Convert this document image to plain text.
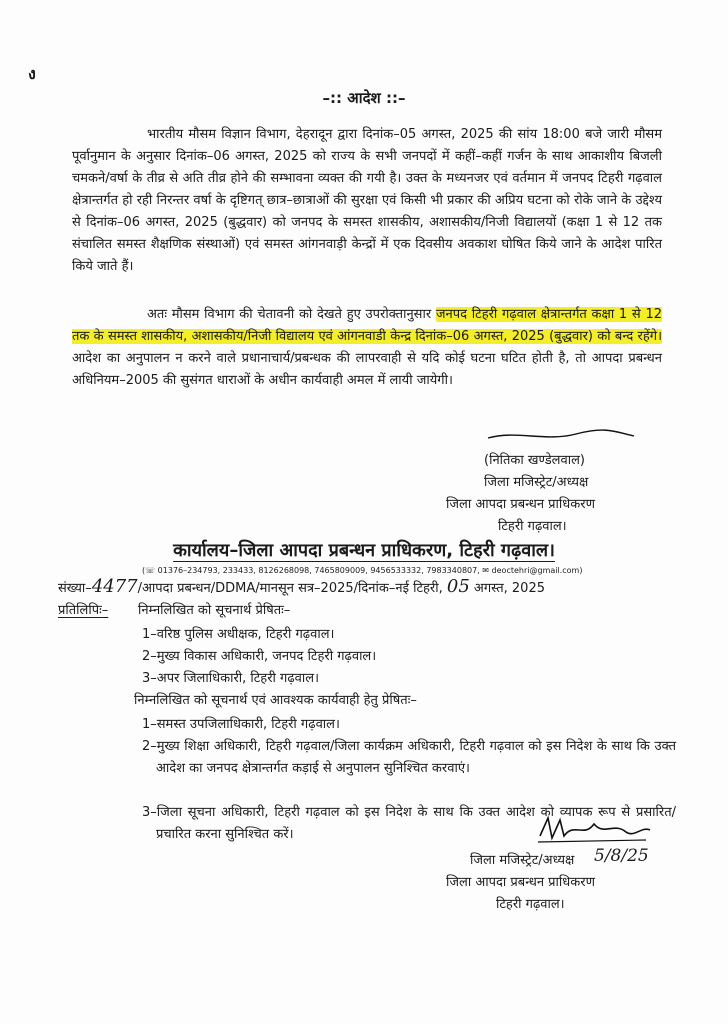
ง
–:: आदेश ::–
भारतीय मौसम विज्ञान विभाग, देहरादून द्वारा दिनांक–05 अगस्त, 2025 की सांय 18:00 बजे जारी मौसम पूर्वानुमान के अनुसार दिनांक–06 अगस्त, 2025 को राज्य के सभी जनपदों में कहीं–कहीं गर्जन के साथ आकाशीय बिजली चमकने/वर्षा के तीव्र से अति तीव्र होने की सम्भावना व्यक्त की गयी है। उक्त के मध्यनजर एवं वर्तमान में जनपद टिहरी गढ़वाल क्षेत्रान्तर्गत हो रही निरन्तर वर्षा के दृष्टिगत् छात्र–छात्राओं की सुरक्षा एवं किसी भी प्रकार की अप्रिय घटना को रोके जाने के उद्देश्य से दिनांक–06 अगस्त, 2025 (बुद्धवार) को जनपद के समस्त शासकीय, अशासकीय/निजी विद्यालयों (कक्षा 1 से 12 तक संचालित समस्त शैक्षणिक संस्थाओं) एवं समस्त आंगनवाड़ी केन्द्रों में एक दिवसीय अवकाश घोषित किये जाने के आदेश पारित किये जाते हैं।
अतः मौसम विभाग की चेतावनी को देखते हुए उपरोक्तानुसार जनपद टिहरी गढ़वाल क्षेत्रान्तर्गत कक्षा 1 से 12 तक के समस्त शासकीय, अशासकीय/निजी विद्यालय एवं आंगनवाडी केन्द्र दिनांक–06 अगस्त, 2025 (बुद्धवार) को बन्द रहेंगे। आदेश का अनुपालन न करने वाले प्रधानाचार्य/प्रबन्धक की लापरवाही से यदि कोई घटना घटित होती है, तो आपदा प्रबन्धन अधिनियम–2005 की सुसंगत धाराओं के अधीन कार्यवाही अमल में लायी जायेगी।
(नितिका खण्डेलवाल)
जिला मजिस्ट्रेट/अध्यक्ष
जिला आपदा प्रबन्धन प्राधिकरण
टिहरी गढ़वाल।
कार्यालय–जिला आपदा प्रबन्धन प्राधिकरण, टिहरी गढ़वाल।
(☏ 01376–234793, 233433, 8126268098, 7465809009, 9456533332, 7983340807, ✉ deoctehri@gmail.com)
संख्या–4477/आपदा प्रबन्धन/DDMA/मानसून सत्र–2025/दिनांक–नई टिहरी, 05 अगस्त, 2025
प्रतिलिपिः– निम्नलिखित को सूचनार्थ प्रेषितः–
1–वरिष्ठ पुलिस अधीक्षक, टिहरी गढ़वाल।
2–मुख्य विकास अधिकारी, जनपद टिहरी गढ़वाल।
3–अपर जिलाधिकारी, टिहरी गढ़वाल।
निम्नलिखित को सूचनार्थ एवं आवश्यक कार्यवाही हेतु प्रेषितः–
1–समस्त उपजिलाधिकारी, टिहरी गढ़वाल।
2–मुख्य शिक्षा अधिकारी, टिहरी गढ़वाल/जिला कार्यक्रम अधिकारी, टिहरी गढ़वाल को इस निदेश के साथ कि उक्त आदेश का जनपद क्षेत्रान्तर्गत कड़ाई से अनुपालन सुनिश्चित करवाएं।
3–जिला सूचना अधिकारी, टिहरी गढ़वाल को इस निदेश के साथ कि उक्त आदेश को व्यापक रूप से प्रसारित/प्रचारित करना सुनिश्चित करें।
5/8/25
जिला मजिस्ट्रेट/अध्यक्ष
जिला आपदा प्रबन्धन प्राधिकरण
टिहरी गढ़वाल।
